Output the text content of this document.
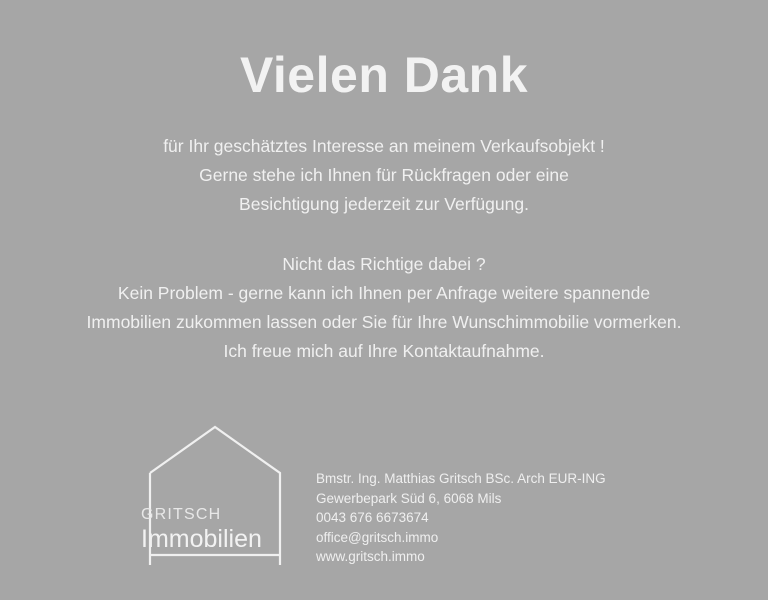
Vielen Dank
für Ihr geschätztes Interesse an meinem Verkaufsobjekt !
Gerne stehe ich Ihnen für Rückfragen oder eine
Besichtigung jederzeit zur Verfügung.
Nicht das Richtige dabei ?
Kein Problem - gerne kann ich Ihnen per Anfrage weitere spannende
Immobilien zukommen lassen oder Sie für Ihre Wunschimmobilie vormerken.
Ich freue mich auf Ihre Kontaktaufnahme.
GRITSCH
Immobilien
Bmstr. Ing. Matthias Gritsch BSc. Arch EUR-ING
Gewerbepark Süd 6, 6068 Mils
0043 676 6673674
office@gritsch.immo
www.gritsch.immo
